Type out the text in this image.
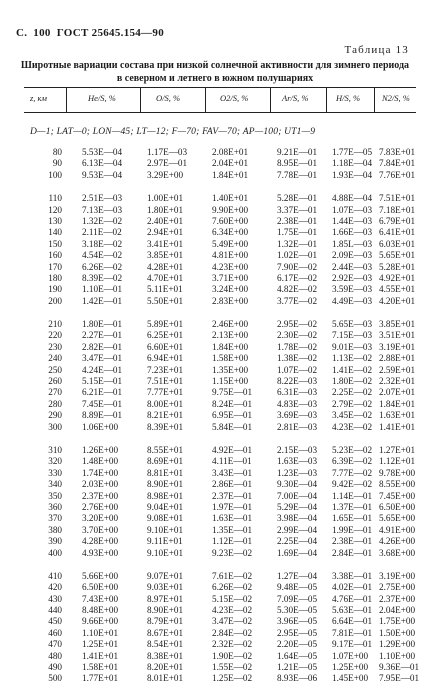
С. 100 ГОСТ 25645.154—90
Таблица 13
Широтные вариации состава при низкой солнечной активности для зимнего периода в северном и летнего в южном полушариях
z, км	He/S, %	O/S, %	O2/S, %	Ar/S, %	H/S, %	N2/S, %
D—1; LAT—0; LON—45; LT—12; F—70; FAV—70; AP—100; UT1—9
80 5.53E—04	1.17E—03	2.08E+01	9.21E—01 1.77E—05 7.83E+01
90 6.13E—04	2.97E—01	2.04E+01	8.95E—01 1.18E—04 7.84E+01
100 9.53E—04	3.29E+00	1.84E+01	7.78E—01 1.93E—04 7.76E+01
110 2.51E—03	1.00E+01	1.40E+01	5.28E—01 4.88E—04 7.51E+01
120 7.13E—03	1.80E+01	9.90E+00	3.37E—01 1.07E—03 7.18E+01
130 1.32E—02	2.40E+01	7.60E+00	2.38E—01 1.44E—03 6.79E+01
140 2.11E—02	2.94E+01	6.34E+00	1.75E—01 1.66E—03 6.41E+01
150 3.18E—02	3.41E+01	5.49E+00	1.32E—01 1.85L—03 6.03E+01
160 4.54E—02	3.85E+01	4.81E+00	1.02E—01 2.09E—03 5.65E+01
170 6.26E—02	4.28E+01	4.23E+00	7.90E—02 2.44E—03 5.28E+01
180 8.39E—02	4.70E+01	3.71E+00	6.17E—02 2.92E—03 4.92E+01
190 1.10E—01	5.11E+01	3.24E+00	4.82E—02 3.59E—03 4.55E+01
200 1.42E—01	5.50E+01	2.83E+00	3.77E—02 4.49E—03 4.20E+01
210 1.80E—01	5.89E+01	2.46E+00	2.95E—02 5.65E—03 3.85E+01
220 2.27E—01	6.25E+01	2.13E+00	2.30E—02 7.15E—03 3.51E+01
230 2.82E—01	6.60E+01	1.84E+00	1.78E—02 9.01E—03 3.19E+01
240 3.47E—01	6.94E+01	1.58E+00	1.38E—02 1.13E—02 2.88E+01
250 4.24E—01	7.23E+01	1.35E+00	1.07E—02 1.41E—02 2.59E+01
260 5.15E—01	7.51E+01	1.15E+00	8.22E—03 1.80E—02 2.32E+01
270 6.21E—01	7.77E+01	9.75E—01	6.31E—03 2.25E—02 2.07E+01
280 7.45E—01	8.00E+01	8.24E—01	4.83E—03 2.79E—02 1.84E+01
290 8.89E—01	8.21E+01	6.95E—01	3.69E—03 3.45E—02 1.63E+01
300 1.06E+00	8.39E+01	5.84E—01	2.81E—03 4.23E—02 1.41E+01
310 1.26E+00	8.55E+01	4.92E—01	2.15E—03 5.23E—02 1.27E+01
320 1.48E+00	8.69E+01	4.11E—01	1.63E—03 6.39E—02 1.12E+01
330 1.74E+00	8.81E+01	3.43E—01	1.23E—03 7.77E—02 9.78E+00
340 2.03E+00	8.90E+01	2.86E—01	9.30E—04 9.42E—02 8.55E+00
350 2.37E+00	8.98E+01	2.37E—01	7.00E—04 1.14E—01 7.45E+00
360 2.76E+00	9.04E+01	1.97E—01	5.29E—04 1.37E—01 6.50E+00
370 3.20E+00	9.08E+01	1.63E—01	3.98E—04 1.65E—01 5.65E+00
380 3.70E+00	9.10E+01	1.35E—01	2.99E—04 1.99E—01 4.91E+00
390 4.28E+00	9.11E+01	1.12E—01	2.25E—04 2.38E—01 4.26E+00
400 4.93E+00	9.10E+01	9.23E—02	1.69E—04 2.84E—01 3.68E+00
410 5.66E+00	9.07E+01	7.61E—02	1.27E—04 3.38E—01 3.19E+00
420 6.50E+00	9.03E+01	6.26E—02	9.48E—05 4.02E—01 2.75E+00
430 7.43E+00	8.97E+01	5.15E—02	7.09E—05 4.76E—01 2.37E+00
440 8.48E+00	8.90E+01	4.23E—02	5.30E—05 5.63E—01 2.04E+00
450 9.66E+00	8.79E+01	3.47E—02	3.96E—05 6.64E—01 1.75E+00
460 1.10E+01	8.67E+01	2.84E—02	2.95E—05 7.81E—01 1.50E+00
470 1.25E+01	8.54E+01	2.32E—02	2.20E—05 9.17E—01 1.29E+00
480 1.41E+01	8.38E+01	1.90E—02	1.64E—05 1.07E+00 1.10E+00
490 1.58E+01	8.20E+01	1.55E—02	1.21E—05 1.25E+00 9.36E—01
500 1.77E+01	8.01E+01	1.25E—02	8.93E—06 1.45E+00 7.95E—01
